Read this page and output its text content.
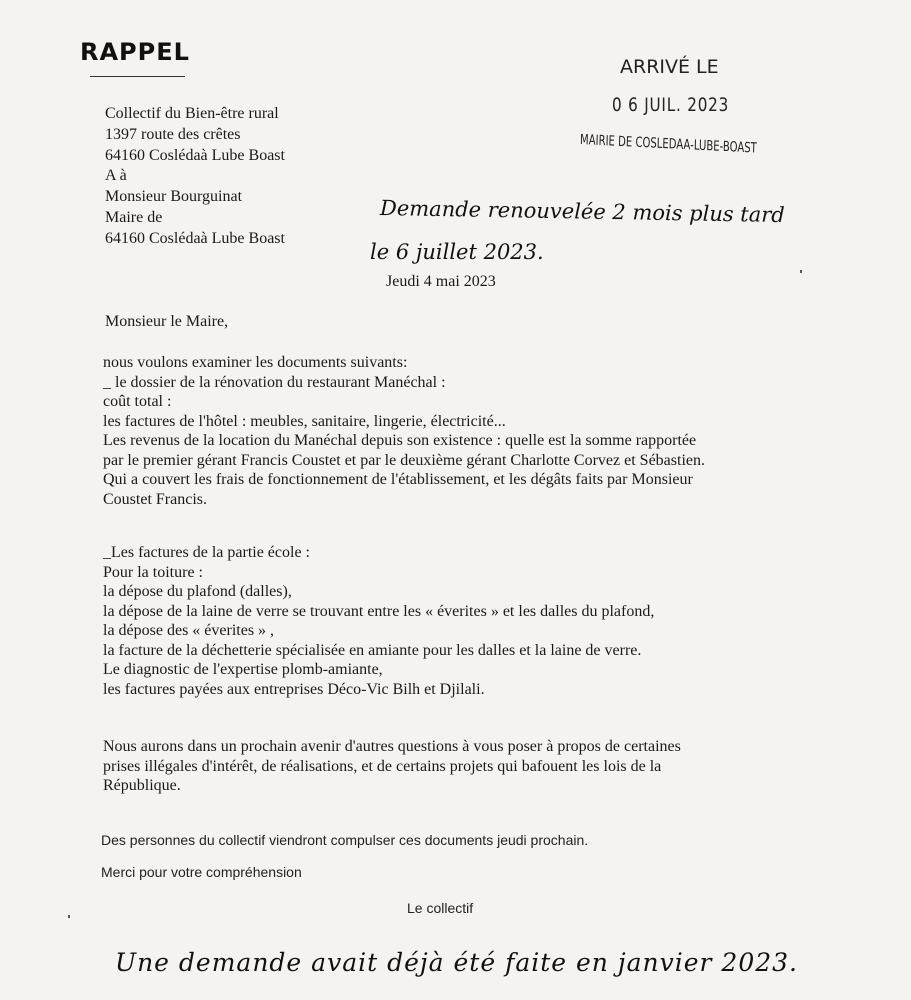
RAPPEL
ARRIVÉ LE
0 6 JUIL. 2023
MAIRIE DE COSLEDAA-LUBE-BOAST
Collectif du Bien-être rural
1397 route des crêtes
64160 Coslédaà Lube Boast
A à
Monsieur Bourguinat
Maire de
64160 Coslédaà Lube Boast
Demande renouvelée 2 mois plus tard
le 6 juillet 2023.
Jeudi 4 mai 2023
Monsieur le Maire,
nous voulons examiner les documents suivants:
_ le dossier de la rénovation du restaurant Manéchal :
coût total :
les factures de l'hôtel : meubles, sanitaire, lingerie, électricité...
Les revenus de la location du Manéchal depuis son existence : quelle est la somme rapportée
par le premier gérant Francis Coustet et par le deuxième gérant Charlotte Corvez et Sébastien.
Qui a couvert les frais de fonctionnement de l'établissement, et les dégâts faits par Monsieur
Coustet Francis.
_Les factures de la partie école :
Pour la toiture :
la dépose du plafond (dalles),
la dépose de la laine de verre se trouvant entre les « éverites » et les dalles du plafond,
la dépose des « éverites » ,
la facture de la déchetterie spécialisée en amiante pour les dalles et la laine de verre.
Le diagnostic de l'expertise plomb-amiante,
les factures payées aux entreprises Déco-Vic Bilh et Djilali.
Nous aurons dans un prochain avenir d'autres questions à vous poser à propos de certaines
prises illégales d'intérêt, de réalisations, et de certains projets qui bafouent les lois de la
République.
Des personnes du collectif viendront compulser ces documents jeudi prochain.
Merci pour votre compréhension
Le collectif
Une demande avait déjà été faite en janvier 2023.
